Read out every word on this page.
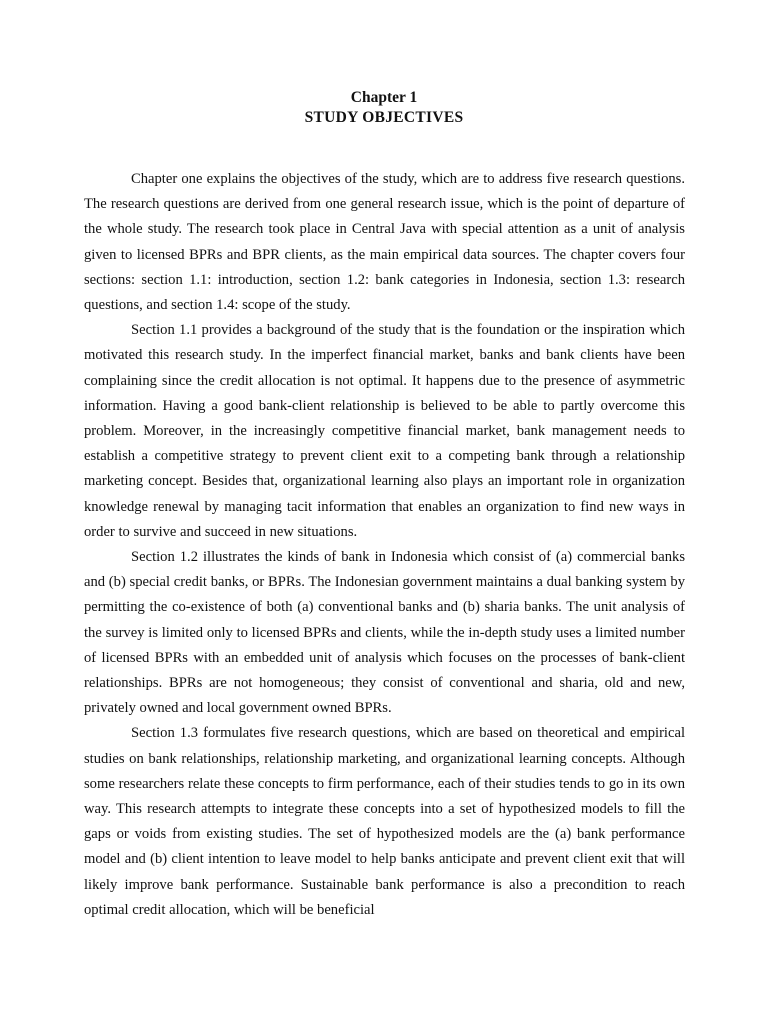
Chapter 1
STUDY OBJECTIVES

Chapter one explains the objectives of the study, which are to address five research questions. The research questions are derived from one general research issue, which is the point of departure of the whole study. The research took place in Central Java with special attention as a unit of analysis given to licensed BPRs and BPR clients, as the main empirical data sources. The chapter covers four sections: section 1.1: introduction, section 1.2: bank categories in Indonesia, section 1.3: research questions, and section 1.4: scope of the study.

Section 1.1 provides a background of the study that is the foundation or the inspiration which motivated this research study. In the imperfect financial market, banks and bank clients have been complaining since the credit allocation is not optimal. It happens due to the presence of asymmetric information. Having a good bank-client relationship is believed to be able to partly overcome this problem. Moreover, in the increasingly competitive financial market, bank management needs to establish a competitive strategy to prevent client exit to a competing bank through a relationship marketing concept. Besides that, organizational learning also plays an important role in organization knowledge renewal by managing tacit information that enables an organization to find new ways in order to survive and succeed in new situations.

Section 1.2 illustrates the kinds of bank in Indonesia which consist of (a) commercial banks and (b) special credit banks, or BPRs. The Indonesian government maintains a dual banking system by permitting the co-existence of both (a) conventional banks and (b) sharia banks. The unit analysis of the survey is limited only to licensed BPRs and clients, while the in-depth study uses a limited number of licensed BPRs with an embedded unit of analysis which focuses on the processes of bank-client relationships. BPRs are not homogeneous; they consist of conventional and sharia, old and new, privately owned and local government owned BPRs.

Section 1.3 formulates five research questions, which are based on theoretical and empirical studies on bank relationships, relationship marketing, and organizational learning concepts. Although some researchers relate these concepts to firm performance, each of their studies tends to go in its own way. This research attempts to integrate these concepts into a set of hypothesized models to fill the gaps or voids from existing studies. The set of hypothesized models are the (a) bank performance model and (b) client intention to leave model to help banks anticipate and prevent client exit that will likely improve bank performance. Sustainable bank performance is also a precondition to reach optimal credit allocation, which will be beneficial
